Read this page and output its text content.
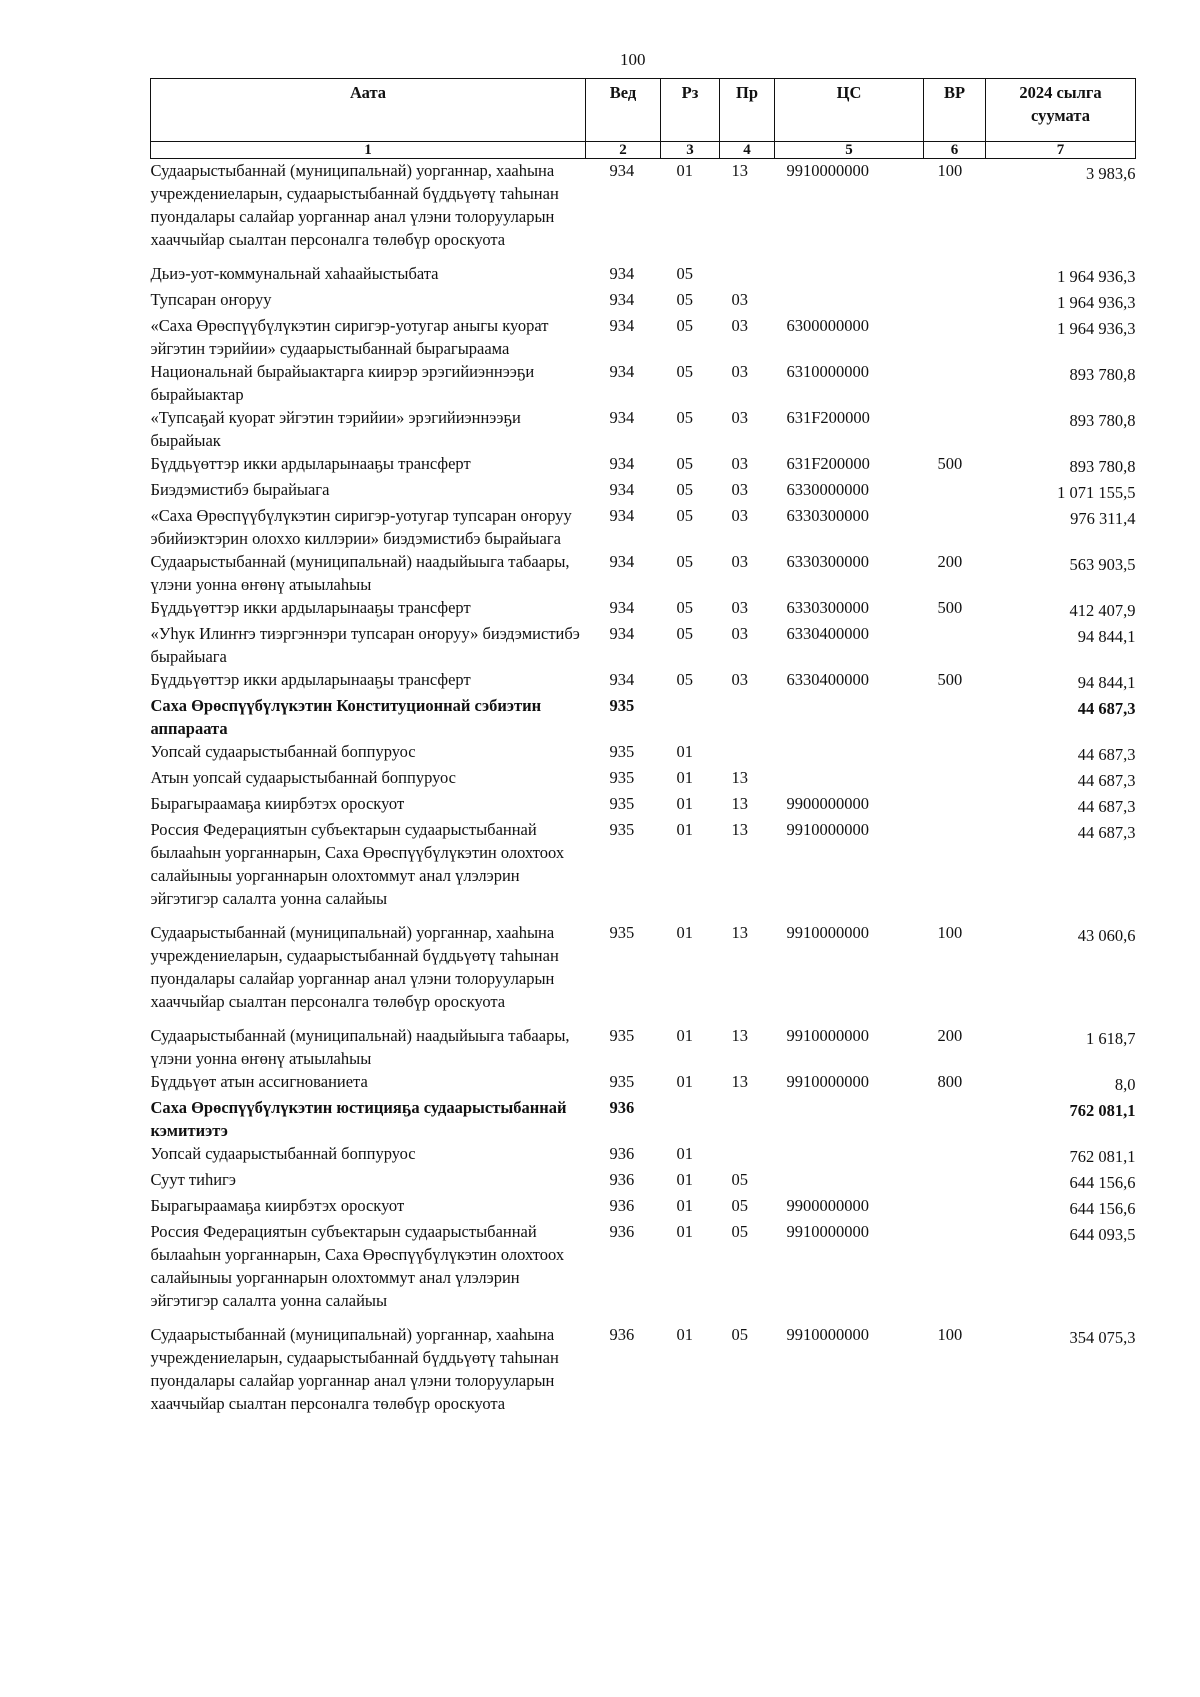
100
Аата	Вед	Рз	Пр	ЦС	ВР	2024 сылга суумата
1	2	3	4	5	6	7
Судаарыстыбаннай (муниципальнай) уорганнар, хааһына учреждениеларын, судаарыстыбаннай бүддьүөтү таһынан пуондалары салайар уорганнар анал үлэни толорууларын хааччыйар сыалтан персоналга төлөбүр ороскуота	934	01	13	9910000000	100	3 983,6
Дьиэ-уот-коммунальнай хаһаайыстыбата	934	05				1 964 936,3
Тупсаран оҥоруу	934	05	03			1 964 936,3
«Саха Өрөспүүбүлүкэтин сиригэр-уотугар аныгы куорат эйгэтин тэрийии» судаарыстыбаннай бырагыраама	934	05	03	6300000000		1 964 936,3
Национальнай бырайыактарга киирэр эрэгийиэннээҕи бырайыактар	934	05	03	6310000000		893 780,8
«Тупсаҕай куорат эйгэтин тэрийии» эрэгийиэннээҕи бырайыак	934	05	03	631F200000		893 780,8
Бүддьүөттэр икки ардыларынааҕы трансферт	934	05	03	631F200000	500	893 780,8
Биэдэмистибэ бырайыага	934	05	03	6330000000		1 071 155,5
«Саха Өрөспүүбүлүкэтин сиригэр-уотугар тупсаран оҥоруу эбийиэктэрин олоххо киллэрии» биэдэмистибэ бырайыага	934	05	03	6330300000		976 311,4
Судаарыстыбаннай (муниципальнай) наадыйыыга табаары, үлэни уонна өҥөнү атыылаһыы	934	05	03	6330300000	200	563 903,5
Бүддьүөттэр икки ардыларынааҕы трансферт	934	05	03	6330300000	500	412 407,9
«Уһук Илиҥҥэ тиэргэннэри тупсаран оҥоруу» биэдэмистибэ бырайыага	934	05	03	6330400000		94 844,1
Бүддьүөттэр икки ардыларынааҕы трансферт	934	05	03	6330400000	500	94 844,1
Саха Өрөспүүбүлүкэтин Конституционнай сэбиэтин аппарaата	935					44 687,3
Уопсай судаарыстыбаннай боппуруос	935	01				44 687,3
Атын уопсай судаарыстыбаннай боппуруос	935	01	13			44 687,3
Бырагыраамаҕа киирбэтэх ороскуот	935	01	13	9900000000		44 687,3
Россия Федерациятын субъектарын судаарыстыбаннай былааһын уорганнарын, Саха Өрөспүүбүлүкэтин олохтоох салайыныы уорганнарын олохтоммут анал үлэлэрин эйгэтигэр салалта уонна салайыы	935	01	13	9910000000		44 687,3
Судаарыстыбаннай (муниципальнай) уорганнар, хааһына учреждениеларын, судаарыстыбаннай бүддьүөтү таһынан пуондалары салайар уорганнар анал үлэни толорууларын хааччыйар сыалтан персоналга төлөбүр ороскуота	935	01	13	9910000000	100	43 060,6
Судаарыстыбаннай (муниципальнай) наадыйыыга табаары, үлэни уонна өҥөнү атыылаһыы	935	01	13	9910000000	200	1 618,7
Бүддьүөт атын ассигнованиета	935	01	13	9910000000	800	8,0
Саха Өрөспүүбүлүкэтин юстицияҕа судаарыстыбаннай кэмитиэтэ	936					762 081,1
Уопсай судаарыстыбаннай боппуруос	936	01				762 081,1
Суут тиһигэ	936	01	05			644 156,6
Бырагыраамаҕа киирбэтэх ороскуот	936	01	05	9900000000		644 156,6
Россия Федерациятын субъектарын судаарыстыбаннай былааһын уорганнарын, Саха Өрөспүүбүлүкэтин олохтоох салайыныы уорганнарын олохтоммут анал үлэлэрин эйгэтигэр салалта уонна салайыы	936	01	05	9910000000		644 093,5
Судаарыстыбаннай (муниципальнай) уорганнар, хааһына учреждениеларын, судаарыстыбаннай бүддьүөтү таһынан пуондалары салайар уорганнар анал үлэни толорууларын хааччыйар сыалтан персоналга төлөбүр ороскуота	936	01	05	9910000000	100	354 075,3
